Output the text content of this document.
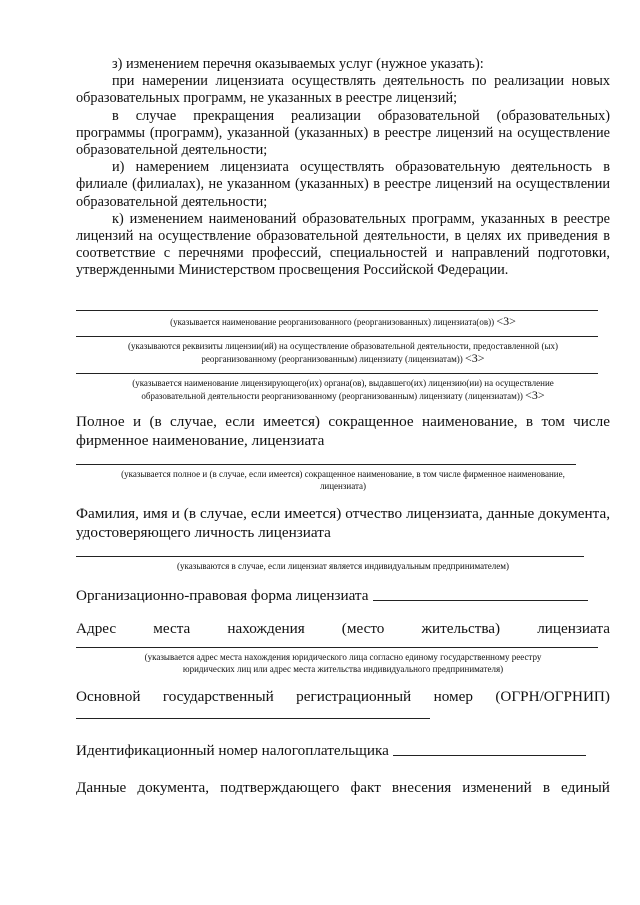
з) изменением перечня оказываемых услуг (нужное указать):

при намерении лицензиата осуществлять деятельность по реализации новых образовательных программ, не указанных в реестре лицензий;

в случае прекращения реализации образовательной (образовательных) программы (программ), указанной (указанных) в реестре лицензий на осуществление образовательной деятельности;

и) намерением лицензиата осуществлять образовательную деятельность в филиале (филиалах), не указанном (указанных) в реестре лицензий на осуществлении образовательной деятельности;

к) изменением наименований образовательных программ, указанных в реестре лицензий на осуществление образовательной деятельности, в целях их приведения в соответствие с перечнями профессий, специальностей и направлений подготовки, утвержденными Министерством просвещения Российской Федерации.

(указывается наименование реорганизованного (реорганизованных) лицензиата(ов)) <3>

(указываются реквизиты лицензии(ий) на осуществление образовательной деятельности, предоставленной (ых)

реорганизованному (реорганизованным) лицензиату (лицензиатам)) <3>

(указывается наименование лицензирующего(их) органа(ов), выдавшего(их) лицензию(ии) на осуществление

образовательной деятельности реорганизованному (реорганизованным) лицензиату (лицензиатам)) <3>

Полное и (в случае, если имеется) сокращенное наименование, в том числе фирменное наименование, лицензиата

(указывается полное и (в случае, если имеется) сокращенное наименование, в том числе фирменное наименование,

лицензиата)

Фамилия, имя и (в случае, если имеется) отчество лицензиата, данные документа, удостоверяющего личность лицензиата

(указываются в случае, если лицензиат является индивидуальным предпринимателем)

Организационно-правовая форма лицензиата
Адрес места нахождения (место жительства) лицензиата

(указывается адрес места нахождения юридического лица согласно единому государственному реестру

юридических лиц или адрес места жительства индивидуального предпринимателя)

Основной государственный регистрационный номер (ОГРН/ОГРНИП)
Идентификационный номер налогоплательщика
Данные документа, подтверждающего факт внесения изменений в единый
